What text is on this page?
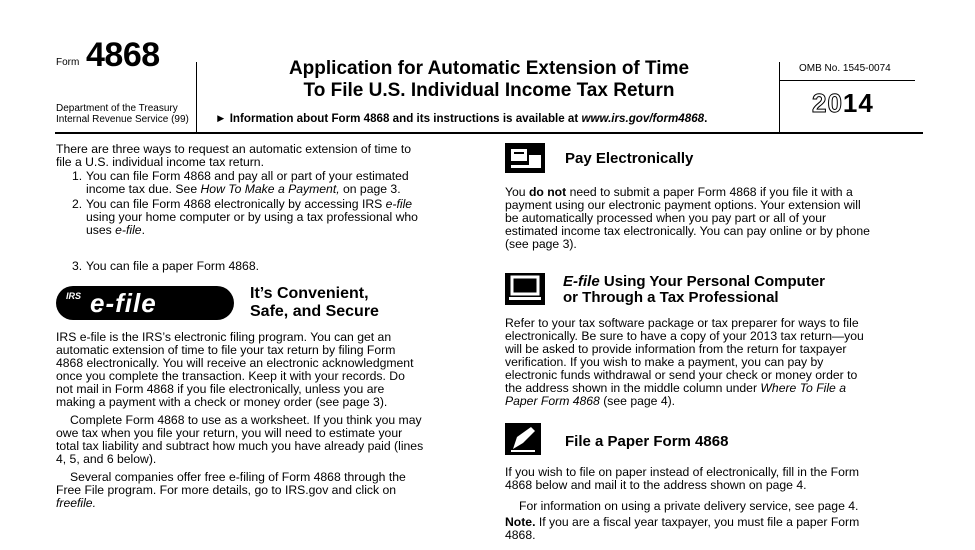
Form 4868
Department of the Treasury
Internal Revenue Service (99)
Application for Automatic Extension of Time
To File U.S. Individual Income Tax Return
► Information about Form 4868 and its instructions is available at www.irs.gov/form4868.
OMB No. 1545-0074
2014
There are three ways to request an automatic extension of time to
file a U.S. individual income tax return.
1. You can file Form 4868 and pay all or part of your estimated
income tax due. See How To Make a Payment, on page 3.
2. You can file Form 4868 electronically by accessing IRS e-file
using your home computer or by using a tax professional who
uses e-file.
3. You can file a paper Form 4868.
IRS e-file	It’s Convenient,
Safe, and Secure
IRS e-file is the IRS’s electronic filing program. You can get an
automatic extension of time to file your tax return by filing Form
4868 electronically. You will receive an electronic acknowledgment
once you complete the transaction. Keep it with your records. Do
not mail in Form 4868 if you file electronically, unless you are
making a payment with a check or money order (see page 3).
Complete Form 4868 to use as a worksheet. If you think you may
owe tax when you file your return, you will need to estimate your
total tax liability and subtract how much you have already paid (lines
4, 5, and 6 below).
Several companies offer free e-filing of Form 4868 through the
Free File program. For more details, go to IRS.gov and click on
freefile.
Pay Electronically
You do not need to submit a paper Form 4868 if you file it with a
payment using our electronic payment options. Your extension will
be automatically processed when you pay part or all of your
estimated income tax electronically. You can pay online or by phone
(see page 3).
E-file Using Your Personal Computer
or Through a Tax Professional
Refer to your tax software package or tax preparer for ways to file
electronically. Be sure to have a copy of your 2013 tax return—you
will be asked to provide information from the return for taxpayer
verification. If you wish to make a payment, you can pay by
electronic funds withdrawal or send your check or money order to
the address shown in the middle column under Where To File a
Paper Form 4868 (see page 4).
File a Paper Form 4868
If you wish to file on paper instead of electronically, fill in the Form
4868 below and mail it to the address shown on page 4.
For information on using a private delivery service, see page 4.
Note. If you are a fiscal year taxpayer, you must file a paper Form
4868.
